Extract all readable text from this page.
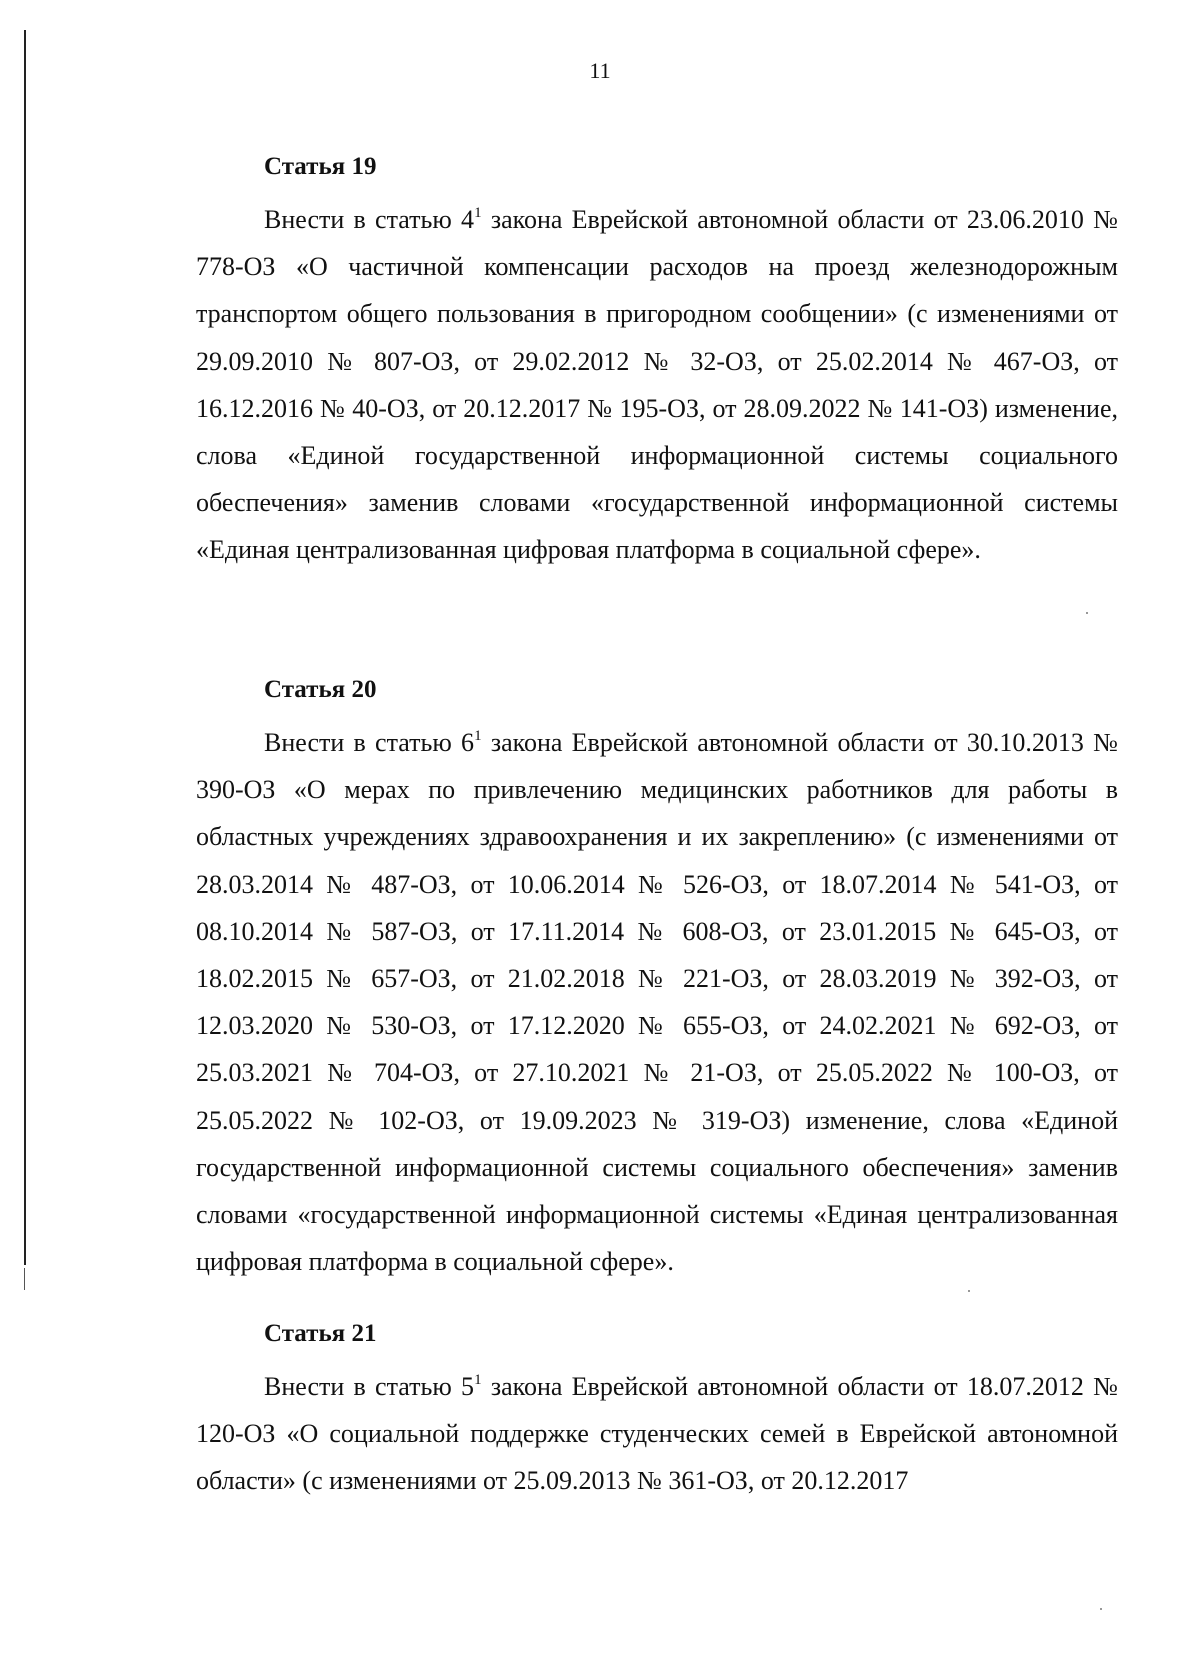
11
Статья 19
Внести в статью $4^1$ закона Еврейской автономной области от 23.06.2010 № 778-ОЗ «О частичной компенсации расходов на проезд железнодорожным транспортом общего пользования в пригородном сообщении» (с изменениями от 29.09.2010 № 807-ОЗ, от 29.02.2012 № 32-ОЗ, от 25.02.2014 № 467-ОЗ, от 16.12.2016 № 40-ОЗ, от 20.12.2017 № 195-ОЗ, от 28.09.2022 № 141-ОЗ) изменение, слова «Единой государственной информационной системы социального обеспечения» заменив словами «государственной информационной системы «Единая централизованная цифровая платформа в социальной сфере».
Статья 20
Внести в статью $6^1$ закона Еврейской автономной области от 30.10.2013 № 390-ОЗ «О мерах по привлечению медицинских работников для работы в областных учреждениях здравоохранения и их закреплению» (с изменениями от 28.03.2014 № 487-ОЗ, от 10.06.2014 № 526-ОЗ, от 18.07.2014 № 541-ОЗ, от 08.10.2014 № 587-ОЗ, от 17.11.2014 № 608-ОЗ, от 23.01.2015 № 645-ОЗ, от 18.02.2015 № 657-ОЗ, от 21.02.2018 № 221-ОЗ, от 28.03.2019 № 392-ОЗ, от 12.03.2020 № 530-ОЗ, от 17.12.2020 № 655-ОЗ, от 24.02.2021 № 692-ОЗ, от 25.03.2021 № 704-ОЗ, от 27.10.2021 № 21-ОЗ, от 25.05.2022 № 100-ОЗ, от 25.05.2022 № 102-ОЗ, от 19.09.2023 № 319-ОЗ) изменение, слова «Единой государственной информационной системы социального обеспечения» заменив словами «государственной информационной системы «Единая централизованная цифровая платформа в социальной сфере».
Статья 21
Внести в статью $5^1$ закона Еврейской автономной области от 18.07.2012 № 120-ОЗ «О социальной поддержке студенческих семей в Еврейской автономной области» (с изменениями от 25.09.2013 № 361-ОЗ, от 20.12.2017
